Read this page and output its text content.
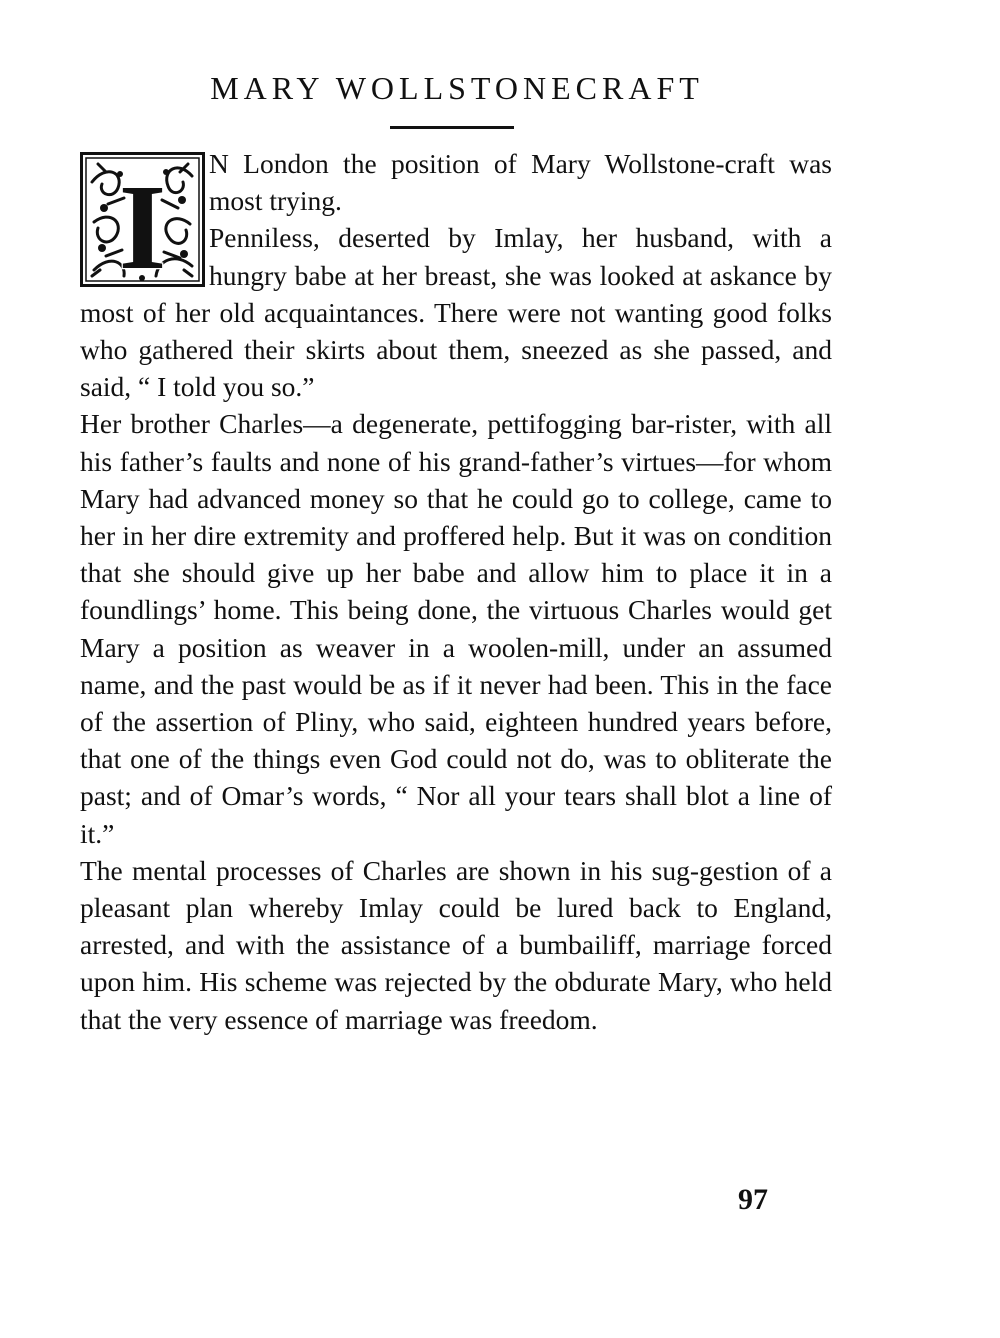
MARY WOLLSTONECRAFT

I N London the position of Mary Wollstone-craft was most trying.

Penniless, deserted by Imlay, her husband, with a hungry babe at her breast, she was looked at askance by most of her old acquaintances. There were not wanting good folks who gathered their skirts about them, sneezed as she passed, and said, “ I told you so.”

Her brother Charles—a degenerate, pettifogging bar-rister, with all his father’s faults and none of his grand-father’s virtues—for whom Mary had advanced money so that he could go to college, came to her in her dire extremity and proffered help. But it was on condition that she should give up her babe and allow him to place it in a foundlings’ home. This being done, the virtuous Charles would get Mary a position as weaver in a woolen-mill, under an assumed name, and the past would be as if it never had been. This in the face of the assertion of Pliny, who said, eighteen hundred years before, that one of the things even God could not do, was to obliterate the past; and of Omar’s words, “ Nor all your tears shall blot a line of it.”

The mental processes of Charles are shown in his sug-gestion of a pleasant plan whereby Imlay could be lured back to England, arrested, and with the assistance of a bumbailiff, marriage forced upon him. His scheme was rejected by the obdurate Mary, who held that the very essence of marriage was freedom.

97
